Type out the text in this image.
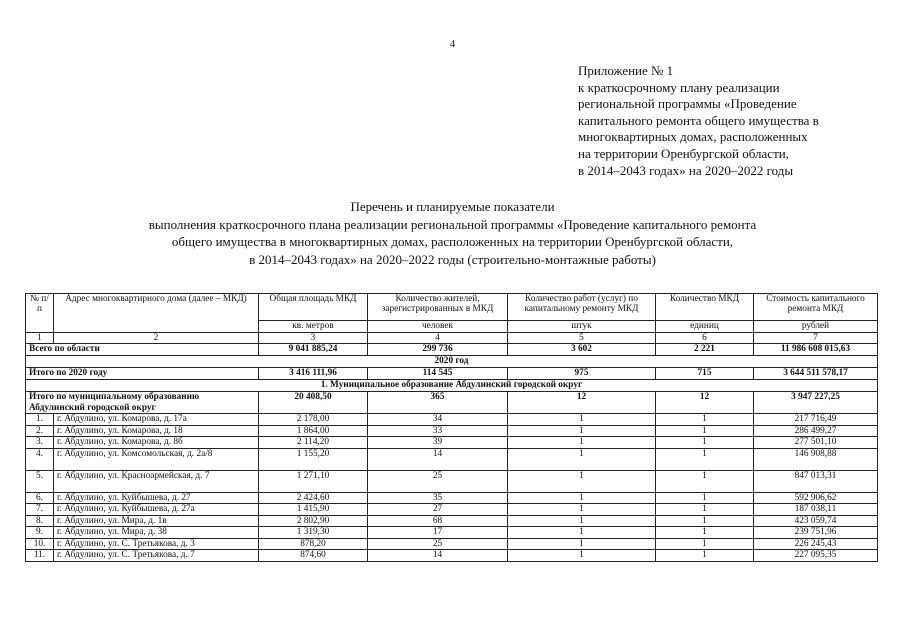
4
Приложение № 1
к краткосрочному плану реализации
региональной программы «Проведение
капитального ремонта общего имущества в
многоквартирных домах, расположенных
на территории Оренбургской области,
в 2014–2043 годах» на 2020–2022 годы
Перечень и планируемые показатели
выполнения краткосрочного плана реализации региональной программы «Проведение капитального ремонта
общего имущества в многоквартирных домах, расположенных на территории Оренбургской области,
в 2014–2043 годах» на 2020–2022 годы (строительно-монтажные работы)
№ п/п	Адрес многоквартирного дома (далее – МКД)	Общая площадь МКД	Количество жителей, зарегистрированных в МКД	Количество работ (услуг) по капитальному ремонту МКД	Количество МКД	Стоимость капитального ремонта МКД
		кв. метров	человек	штук	единиц	рублей
1	2	3	4	5	6	7
Всего по области		9 041 885,24	299 736	3 602	2 221	11 986 608 015,63
2020 год						
Итого по 2020 году		3 416 111,96	114 545	975	715	3 644 511 578,17
1. Муниципальное образование Абдулинский городской округ						
Итого по муниципальному образованию Абдулинский городской округ		20 408,50	365	12	12	3 947 227,25
1.	г. Абдулино, ул. Комарова, д. 17а	2 178,00	34	1	1	217 716,49
2.	г. Абдулино, ул. Комарова, д. 18	1 864,00	33	1	1	286 499,27
3.	г. Абдулино, ул. Комарова, д. 8б	2 114,20	39	1	1	277 501,10
4.	г. Абдулино, ул. Комсомольская, д. 2а/8	1 155,20	14	1	1	146 908,88
5.	г. Абдулино, ул. Красноармейская, д. 7	1 271,10	25	1	1	847 013,31
6.	г. Абдулино, ул. Куйбышева, д. 27	2 424,60	35	1	1	592 906,62
7.	г. Абдулино, ул. Куйбышева, д. 27а	1 415,90	27	1	1	187 038,11
8.	г. Абдулино, ул. Мира, д. 1в	2 802,90	68	1	1	423 059,74
9.	г. Абдулино, ул. Мира, д. 38	1 319,30	17	1	1	239 751,96
10.	г. Абдулино, ул. С. Третьякова, д. 3	878,20	25	1	1	226 245,43
11.	г. Абдулино, ул. С. Третьякова, д. 7	874,60	14	1	1	227 095,35
